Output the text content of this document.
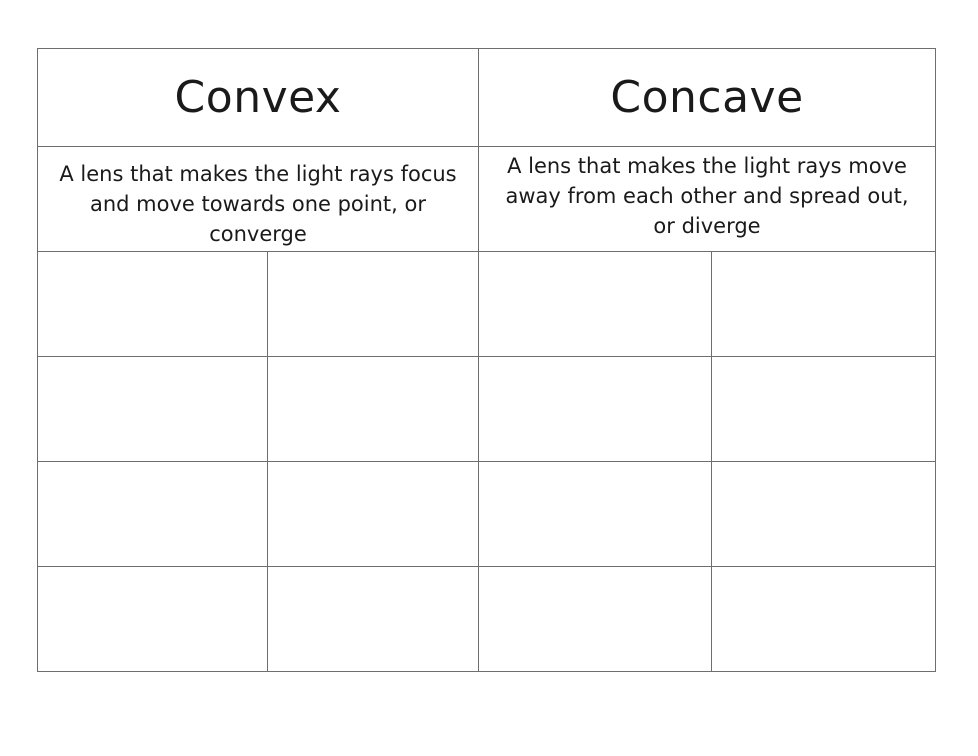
Convex		Concave	

A lens that makes the light rays focus and move towards one point, or converge		A lens that makes the light rays move away from each other and spread out, or diverge	
